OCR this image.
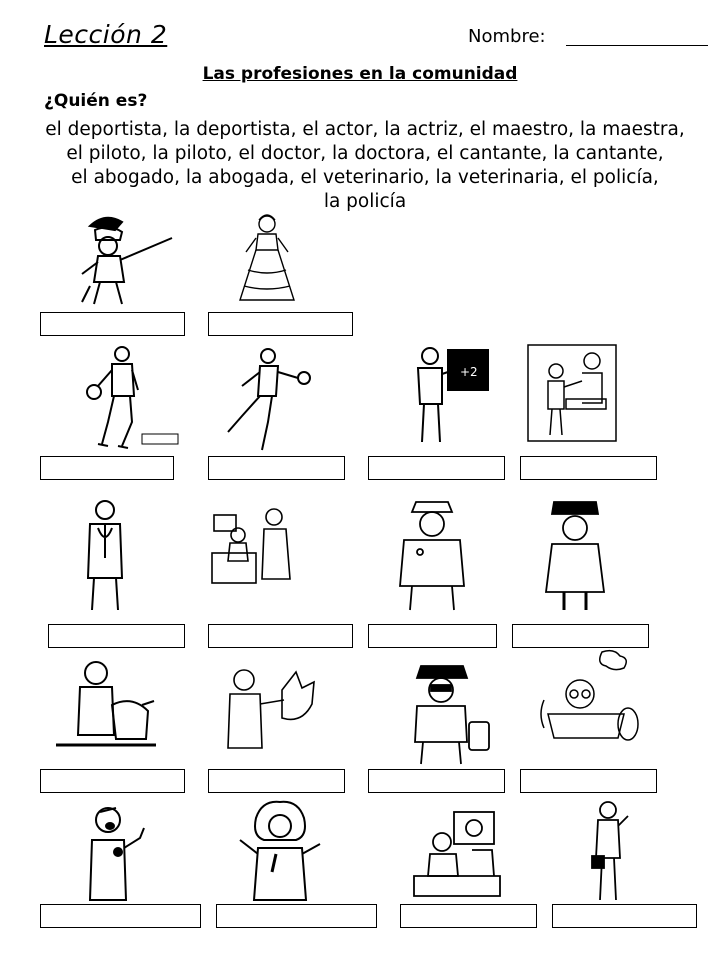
Lección 2	Nombre:
Las profesiones en la comunidad
¿Quién es?
el deportista, la deportista, el actor, la actriz, el maestro, la maestra,
el piloto, la piloto, el doctor, la doctora, el cantante, la cantante,
el abogado, la abogada, el veterinario, la veterinaria, el policía,
la policía
+2
